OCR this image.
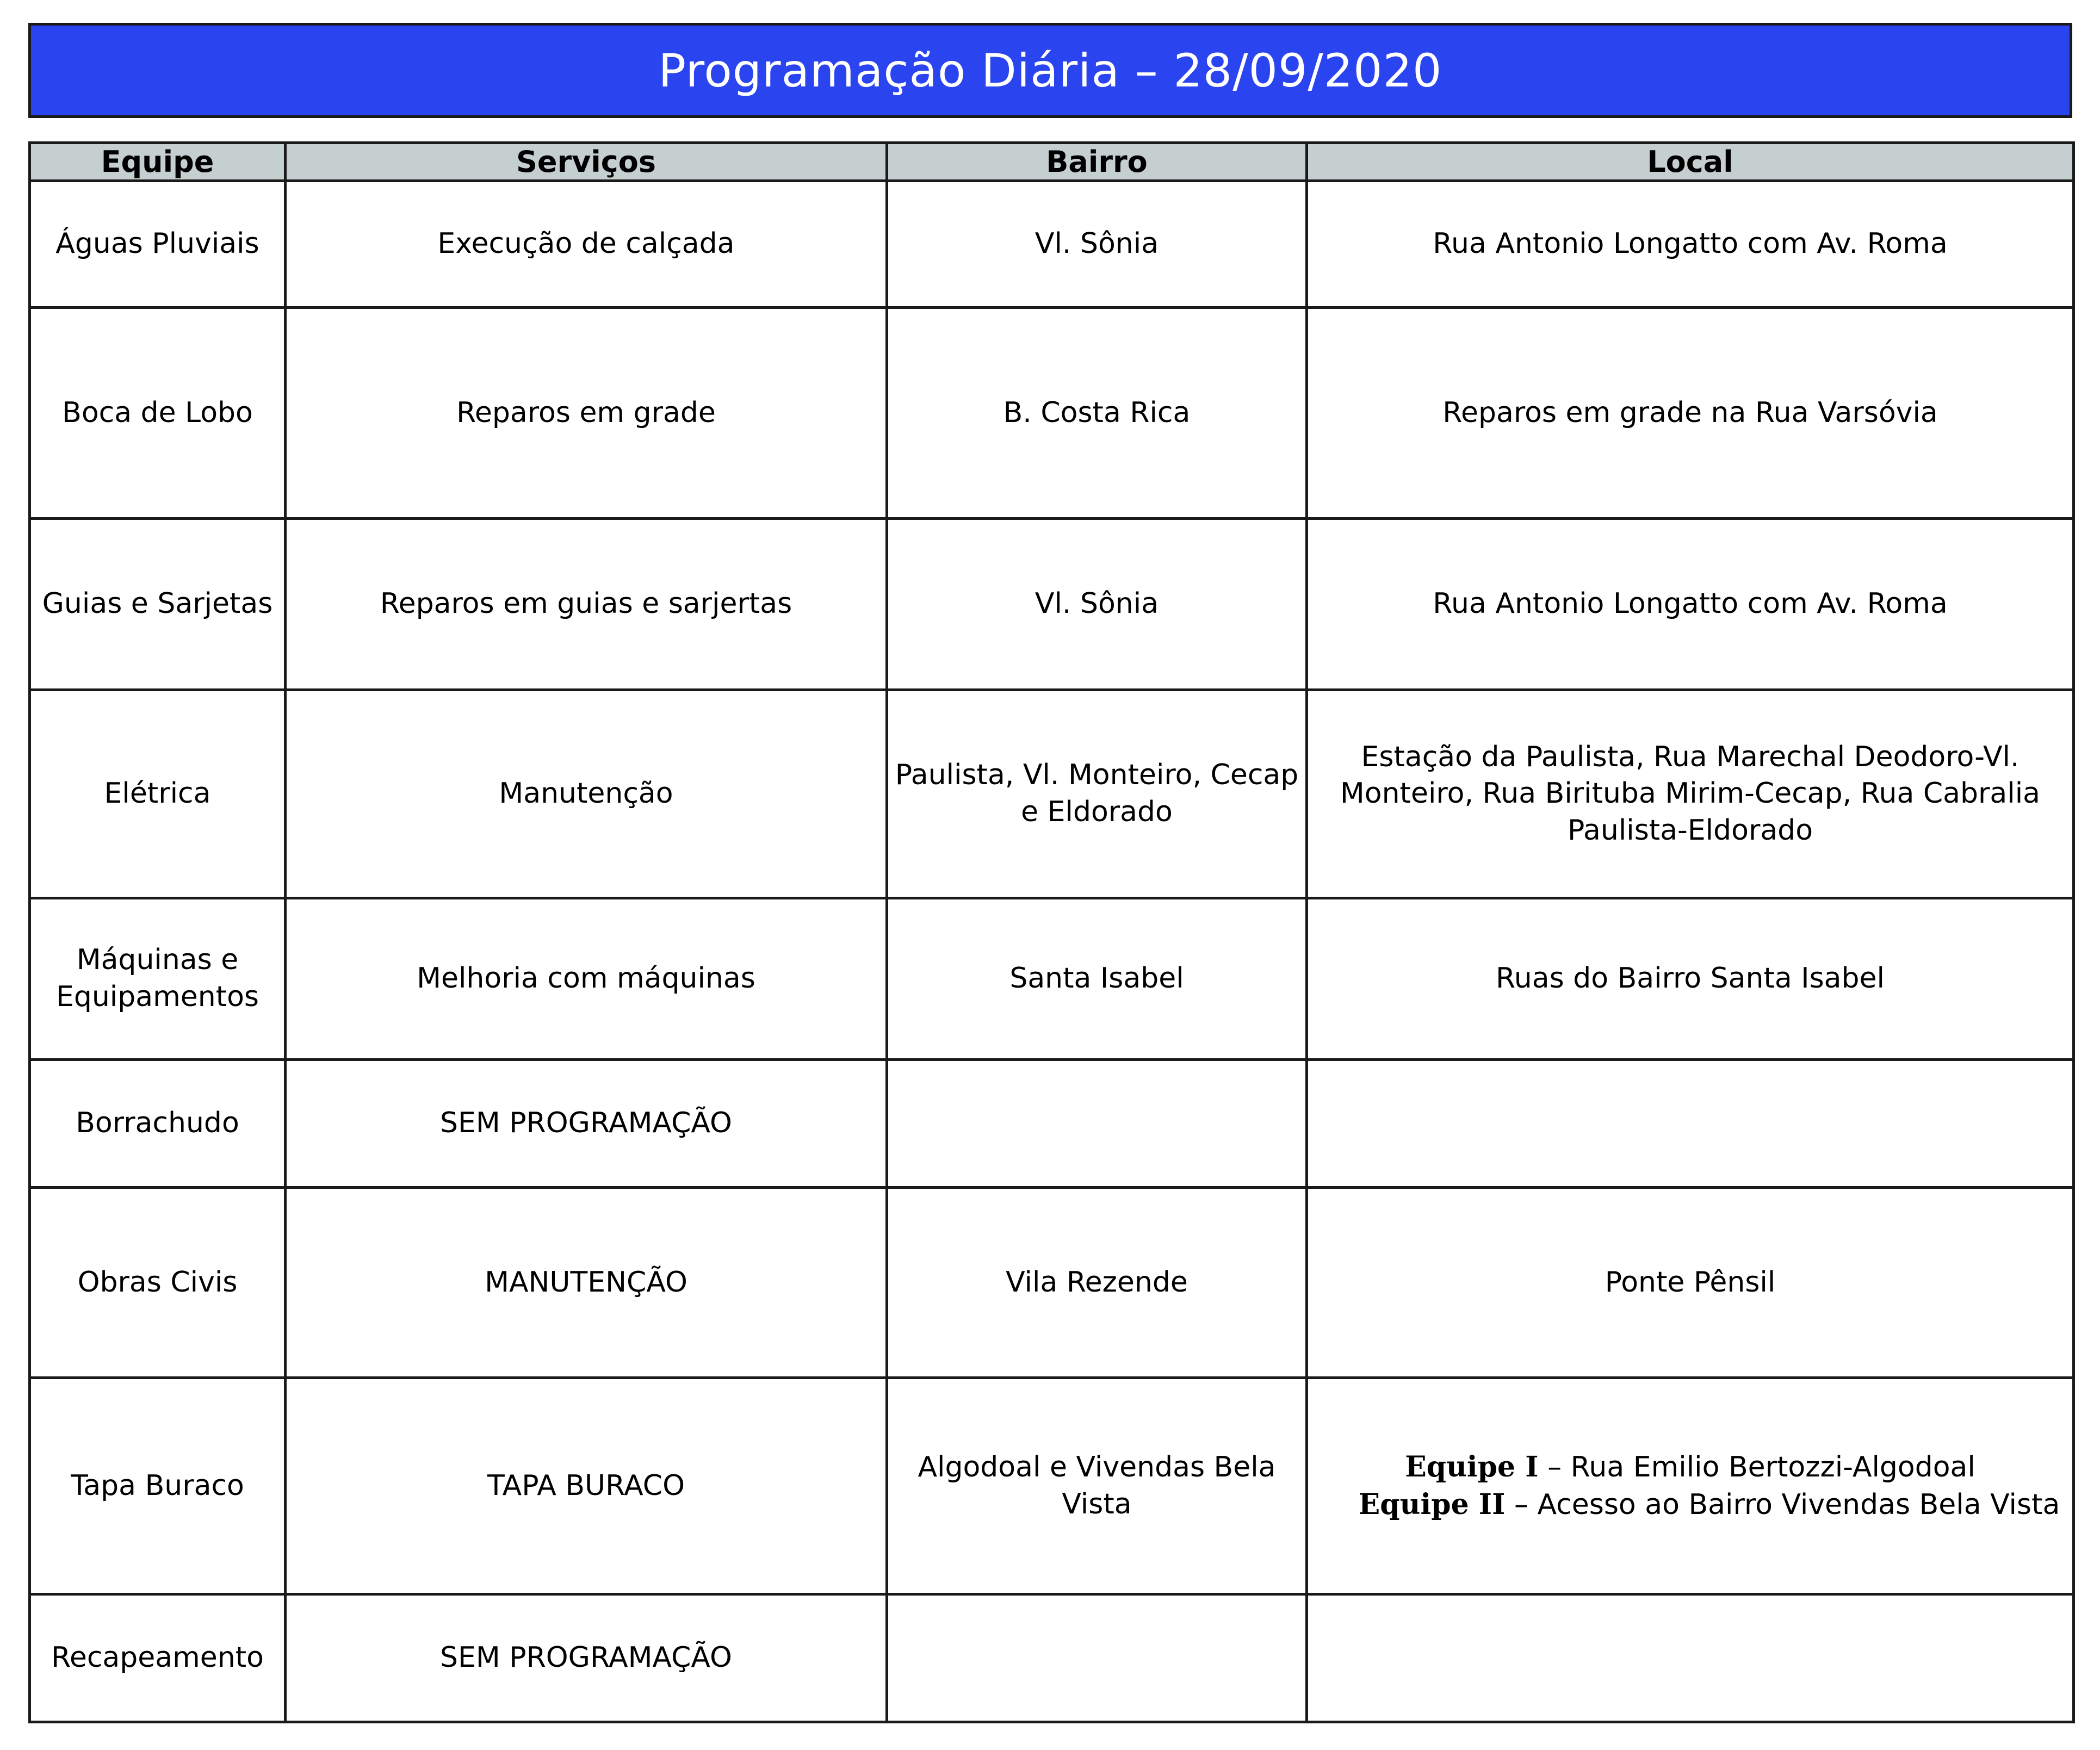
Programação Diária – 28/09/2020
Equipe	Serviços	Bairro	Local
Águas Pluviais	Execução de calçada	Vl. Sônia	Rua Antonio Longatto com Av. Roma
Boca de Lobo	Reparos em grade	B. Costa Rica	Reparos em grade na Rua Varsóvia
Guias e Sarjetas	Reparos em guias e sarjertas	Vl. Sônia	Rua Antonio Longatto com Av. Roma
Elétrica	Manutenção	Paulista, Vl. Monteiro, Cecap e Eldorado	Estação da Paulista, Rua Marechal Deodoro-Vl. Monteiro, Rua Birituba Mirim-Cecap, Rua Cabralia Paulista-Eldorado
Máquinas e Equipamentos	Melhoria com máquinas	Santa Isabel	Ruas do Bairro Santa Isabel
Borrachudo	SEM PROGRAMAÇÃO		
Obras Civis	MANUTENÇÃO	Vila Rezende	Ponte Pênsil
Tapa Buraco	TAPA BURACO	Algodoal e Vivendas Bela Vista	Equipe I – Rua Emilio Bertozzi-Algodoal
Equipe II – Acesso ao Bairro Vivendas Bela Vista

Recapeamento	SEM PROGRAMAÇÃO		
